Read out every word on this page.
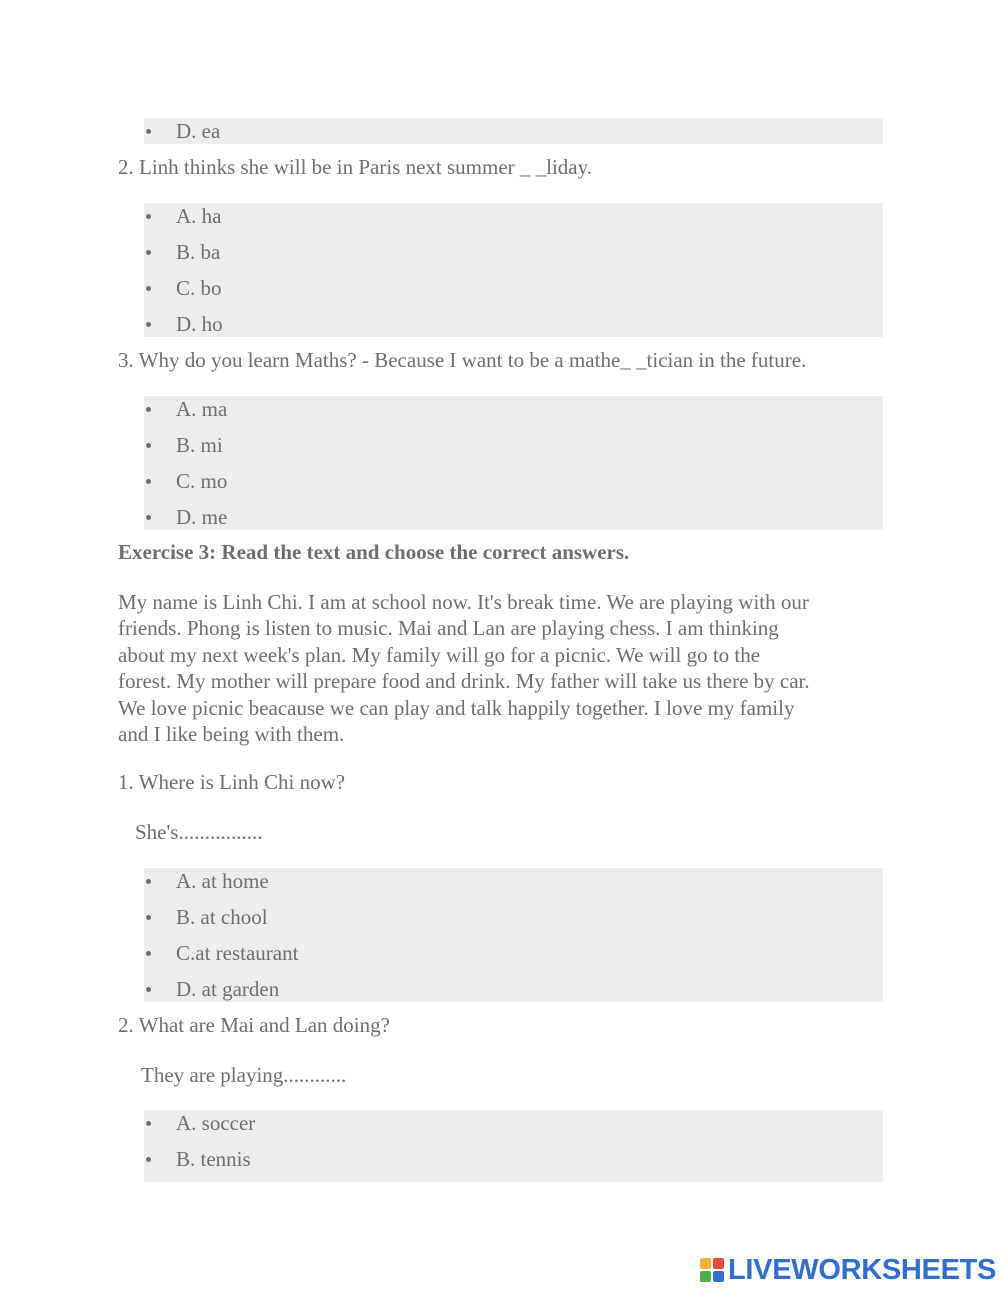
D. ea
2. Linh thinks she will be in Paris next summer _ _liday.
A. ha
B. ba
C. bo
D. ho
3. Why do you learn Maths? - Because I want to be a mathe_ _tician in the future.
A. ma
B. mi
C. mo
D. me
Exercise 3: Read the text and choose the correct answers.
My name is Linh Chi. I am at school now. It's break time. We are playing with our
friends. Phong is listen to music. Mai and Lan are playing chess. I am thinking
about my next week's plan. My family will go for a picnic. We will go to the
forest. My mother will prepare food and drink. My father will take us there by car.
We love picnic beacause we can play and talk happily together. I love my family
and I like being with them.
1. Where is Linh Chi now?
She's................
A. at home
B. at chool
C.at restaurant
D. at garden
2. What are Mai and Lan doing?
They are playing............
A. soccer
B. tennis
LIVEWORKSHEETS
